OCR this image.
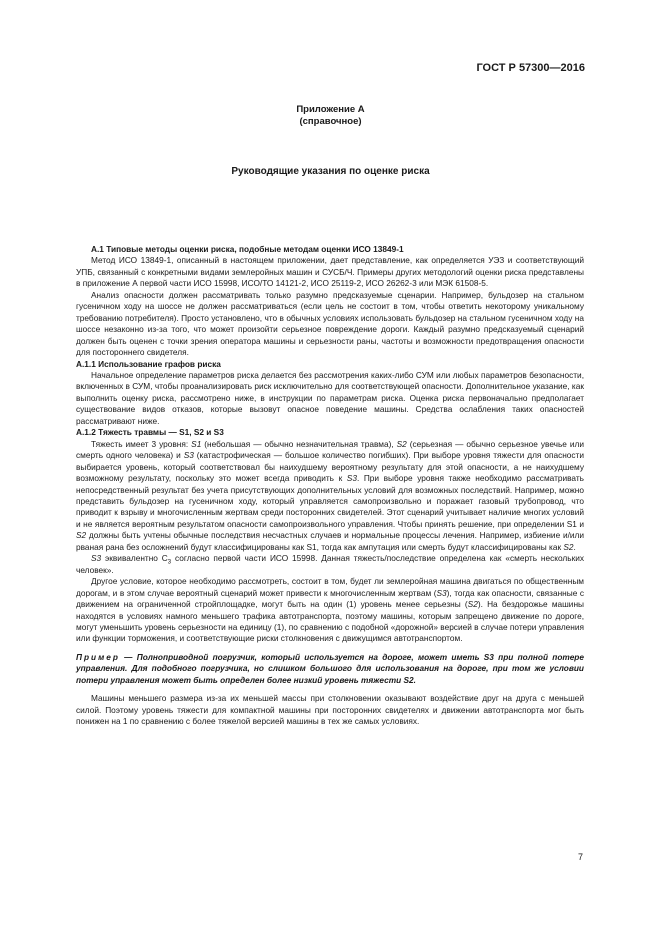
ГОСТ Р 57300—2016
Приложение А
(справочное)
Руководящие указания по оценке риска

А.1 Типовые методы оценки риска, подобные методам оценки ИСО 13849-1

Метод ИСО 13849-1, описанный в настоящем приложении, дает представление, как определяется УЭЗ и соответствующий УПБ, связанный с конкретными видами землеройных машин и СУСБ/Ч. Примеры других методологий оценки риска представлены в приложение А первой части ИСО 15998, ИСО/ТО 14121-2, ИСО 25119-2, ИСО 26262-3 или МЭК 61508-5.

Анализ опасности должен рассматривать только разумно предсказуемые сценарии. Например, бульдозер на стальном гусеничном ходу на шоссе не должен рассматриваться (если цель не состоит в том, чтобы ответить некоторому уникальному требованию потребителя). Просто установлено, что в обычных условиях использовать бульдозер на стальном гусеничном ходу на шоссе незаконно из-за того, что может произойти серьезное повреждение дороги. Каждый разумно предсказуемый сценарий должен быть оценен с точки зрения оператора машины и серьезности раны, частоты и возможности предотвращения опасности для постороннего свидетеля.

А.1.1 Использование графов риска

Начальное определение параметров риска делается без рассмотрения каких-либо СУМ или любых параметров безопасности, включенных в СУМ, чтобы проанализировать риск исключительно для соответствующей опасности. Дополнительное указание, как выполнить оценку риска, рассмотрено ниже, в инструкции по параметрам риска. Оценка риска первоначально предполагает существование видов отказов, которые вызовут опасное поведение машины. Средства ослабления таких опасностей рассматривают ниже.

А.1.2 Тяжесть травмы — S1, S2 и S3

Тяжесть имеет 3 уровня: S1 (небольшая — обычно незначительная травма), S2 (серьезная — обычно серьезное увечье или смерть одного человека) и S3 (катастрофическая — большое количество погибших). При выборе уровня тяжести для опасности выбирается уровень, который соответствовал бы наихудшему вероятному результату для этой опасности, а не наихудшему возможному результату, поскольку это может всегда приводить к S3. При выборе уровня также необходимо рассматривать непосредственный результат без учета присутствующих дополнительных условий для возможных последствий. Например, можно представить бульдозер на гусеничном ходу, который управляется самопроизвольно и поражает газовый трубопровод, что приводит к взрыву и многочисленным жертвам среди посторонних свидетелей. Этот сценарий учитывает наличие многих условий и не является вероятным результатом опасности самопроизвольного управления. Чтобы принять решение, при определении S1 и S2 должны быть учтены обычные последствия несчастных случаев и нормальные процессы лечения. Например, избиение и/или рваная рана без осложнений будут классифицированы как S1, тогда как ампутация или смерть будут классифицированы как S2.

S3 эквивалентно $С_3$ согласно первой части ИСО 15998. Данная тяжесть/последствие определена как «смерть нескольких человек».

Другое условие, которое необходимо рассмотреть, состоит в том, будет ли землеройная машина двигаться по общественным дорогам, и в этом случае вероятный сценарий может привести к многочисленным жертвам (S3), тогда как опасности, связанные с движением на ограниченной стройплощадке, могут быть на один (1) уровень менее серьезны (S2). На бездорожье машины находятся в условиях намного меньшего трафика автотранспорта, поэтому машины, которым запрещено движение по дороге, могут уменьшить уровень серьезности на единицу (1), по сравнению с подобной «дорожной» версией в случае потери управления или функции торможения, и соответствующие риски столкновения с движущимся автотранспортом.

Пример — Полноприводной погрузчик, который используется на дороге, может иметь S3 при полной потере управления. Для подобного погрузчика, но слишком большого для использования на дороге, при том же условии потери управления может быть определен более низкий уровень тяжести S2.

Машины меньшего размера из-за их меньшей массы при столкновении оказывают воздействие друг на друга с меньшей силой. Поэтому уровень тяжести для компактной машины при посторонних свидетелях и движении автотранспорта мог быть понижен на 1 по сравнению с более тяжелой версией машины в тех же самых условиях.

7
